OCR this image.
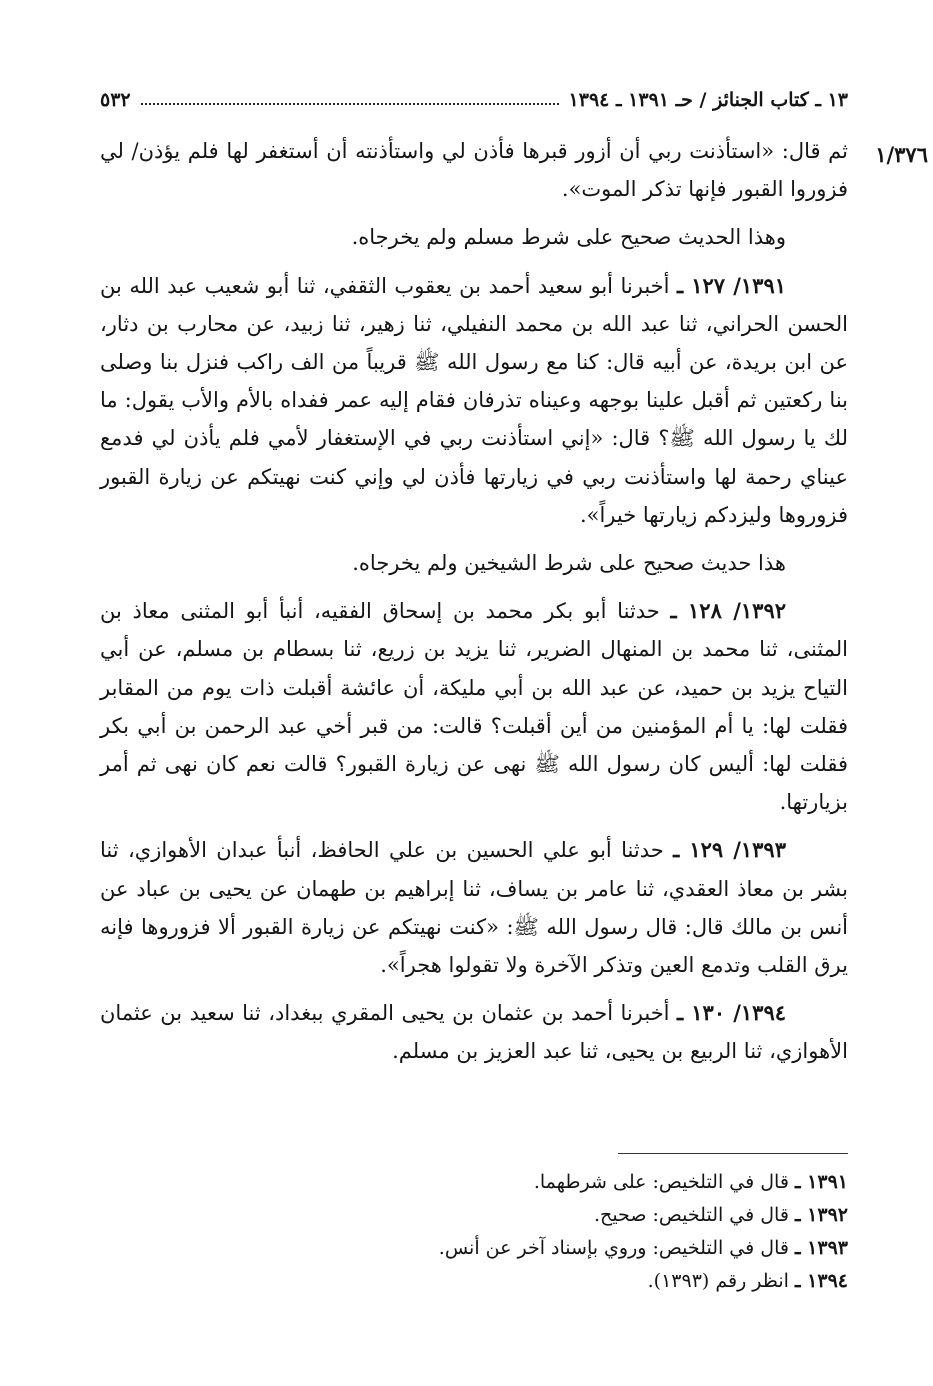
١٣ ـ كتاب الجنائز / حـ ١٣٩١ ـ ١٣٩٤
٥٣٢
١/٣٧٦

ثم قال: «استأذنت ربي أن أزور قبرها فأذن لي واستأذنته أن أستغفر لها فلم يؤذن/ لي فزوروا القبور فإنها تذكر الموت».

وهذا الحديث صحيح على شرط مسلم ولم يخرجاه.

١٣٩١/ ١٢٧ ـ أخبرنا أبو سعيد أحمد بن يعقوب الثقفي، ثنا أبو شعيب عبد الله بن الحسن الحراني، ثنا عبد الله بن محمد النفيلي، ثنا زهير، ثنا زبيد، عن محارب بن دثار، عن ابن بريدة، عن أبيه قال: كنا مع رسول الله ﷺ قريباً من الف راكب فنزل بنا وصلى بنا ركعتين ثم أقبل علينا بوجهه وعيناه تذرفان فقام إليه عمر ففداه بالأم والأب يقول: ما لك يا رسول الله ﷺ؟ قال: «إني استأذنت ربي في الإستغفار لأمي فلم يأذن لي فدمع عيناي رحمة لها واستأذنت ربي في زيارتها فأذن لي وإني كنت نهيتكم عن زيارة القبور فزوروها وليزدكم زيارتها خيراً».

هذا حديث صحيح على شرط الشيخين ولم يخرجاه.

١٣٩٢/ ١٢٨ ـ حدثنا أبو بكر محمد بن إسحاق الفقيه، أنبأ أبو المثنى معاذ بن المثنى، ثنا محمد بن المنهال الضرير، ثنا يزيد بن زريع، ثنا بسطام بن مسلم، عن أبي التياح يزيد بن حميد، عن عبد الله بن أبي مليكة، أن عائشة أقبلت ذات يوم من المقابر فقلت لها: يا أم المؤمنين من أين أقبلت؟ قالت: من قبر أخي عبد الرحمن بن أبي بكر فقلت لها: أليس كان رسول الله ﷺ نهى عن زيارة القبور؟ قالت نعم كان نهى ثم أمر بزيارتها.

١٣٩٣/ ١٢٩ ـ حدثنا أبو علي الحسين بن علي الحافظ، أنبأ عبدان الأهوازي، ثنا بشر بن معاذ العقدي، ثنا عامر بن يساف، ثنا إبراهيم بن طهمان عن يحيى بن عباد عن أنس بن مالك قال: قال رسول الله ﷺ: «كنت نهيتكم عن زيارة القبور ألا فزوروها فإنه يرق القلب وتدمع العين وتذكر الآخرة ولا تقولوا هجراً».

١٣٩٤/ ١٣٠ ـ أخبرنا أحمد بن عثمان بن يحيى المقري ببغداد، ثنا سعيد بن عثمان الأهوازي، ثنا الربيع بن يحيى، ثنا عبد العزيز بن مسلم.

١٣٩١ ـ قال في التلخيص: على شرطهما.

١٣٩٢ ـ قال في التلخيص: صحيح.

١٣٩٣ ـ قال في التلخيص: وروي بإسناد آخر عن أنس.

١٣٩٤ ـ انظر رقم (١٣٩٣).
